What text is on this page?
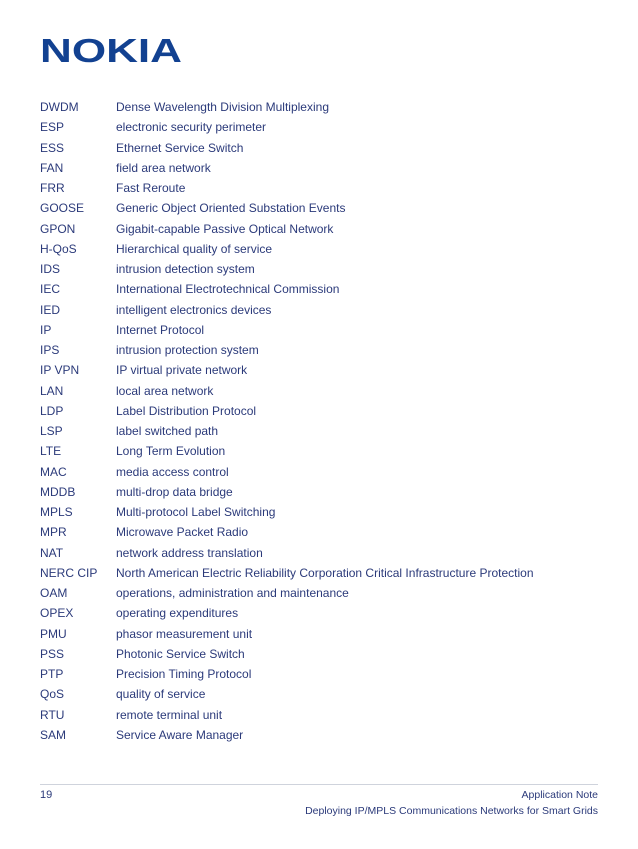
NOKIA
DWDM	Dense Wavelength Division Multiplexing
ESP	electronic security perimeter
ESS	Ethernet Service Switch
FAN	field area network
FRR	Fast Reroute
GOOSE	Generic Object Oriented Substation Events
GPON	Gigabit-capable Passive Optical Network
H-QoS	Hierarchical quality of service
IDS	intrusion detection system
IEC	International Electrotechnical Commission
IED	intelligent electronics devices
IP	Internet Protocol
IPS	intrusion protection system
IP VPN	IP virtual private network
LAN	local area network
LDP	Label Distribution Protocol
LSP	label switched path
LTE	Long Term Evolution
MAC	media access control
MDDB	multi-drop data bridge
MPLS	Multi-protocol Label Switching
MPR	Microwave Packet Radio
NAT	network address translation
NERC CIP	North American Electric Reliability Corporation Critical Infrastructure Protection
OAM	operations, administration and maintenance
OPEX	operating expenditures
PMU	phasor measurement unit
PSS	Photonic Service Switch
PTP	Precision Timing Protocol
QoS	quality of service
RTU	remote terminal unit
SAM	Service Aware Manager
19	Application Note
Deploying IP/MPLS Communications Networks for Smart Grids
